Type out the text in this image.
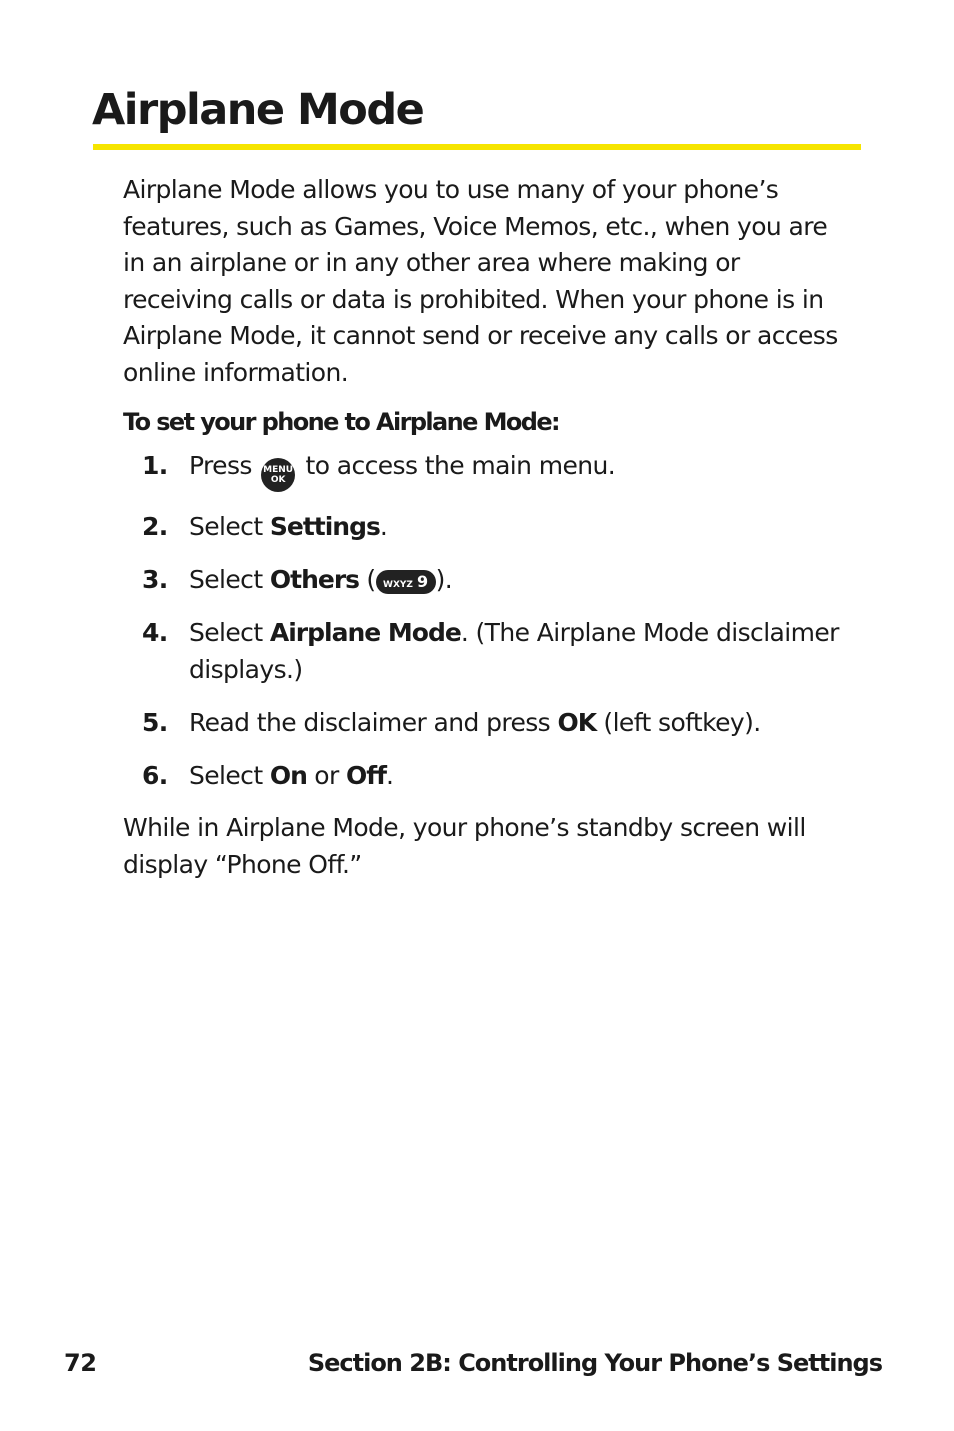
Airplane Mode

Airplane Mode allows you to use many of your phone’s features, such as Games, Voice Memos, etc., when you are in an airplane or in any other area where making or receiving calls or data is prohibited. When your phone is in Airplane Mode, it cannot send or receive any calls or access online information.

To set your phone to Airplane Mode:

1. Press MENU
OK to access the main menu.
2. Select Settings.
3. Select Others ( WXYZ 9 ).
4. Select Airplane Mode. (The Airplane Mode disclaimer displays.)
5. Read the disclaimer and press OK (left softkey).
6. Select On or Off.

While in Airplane Mode, your phone’s standby screen will display “Phone Off.”

72	Section 2B: Controlling Your Phone’s Settings
